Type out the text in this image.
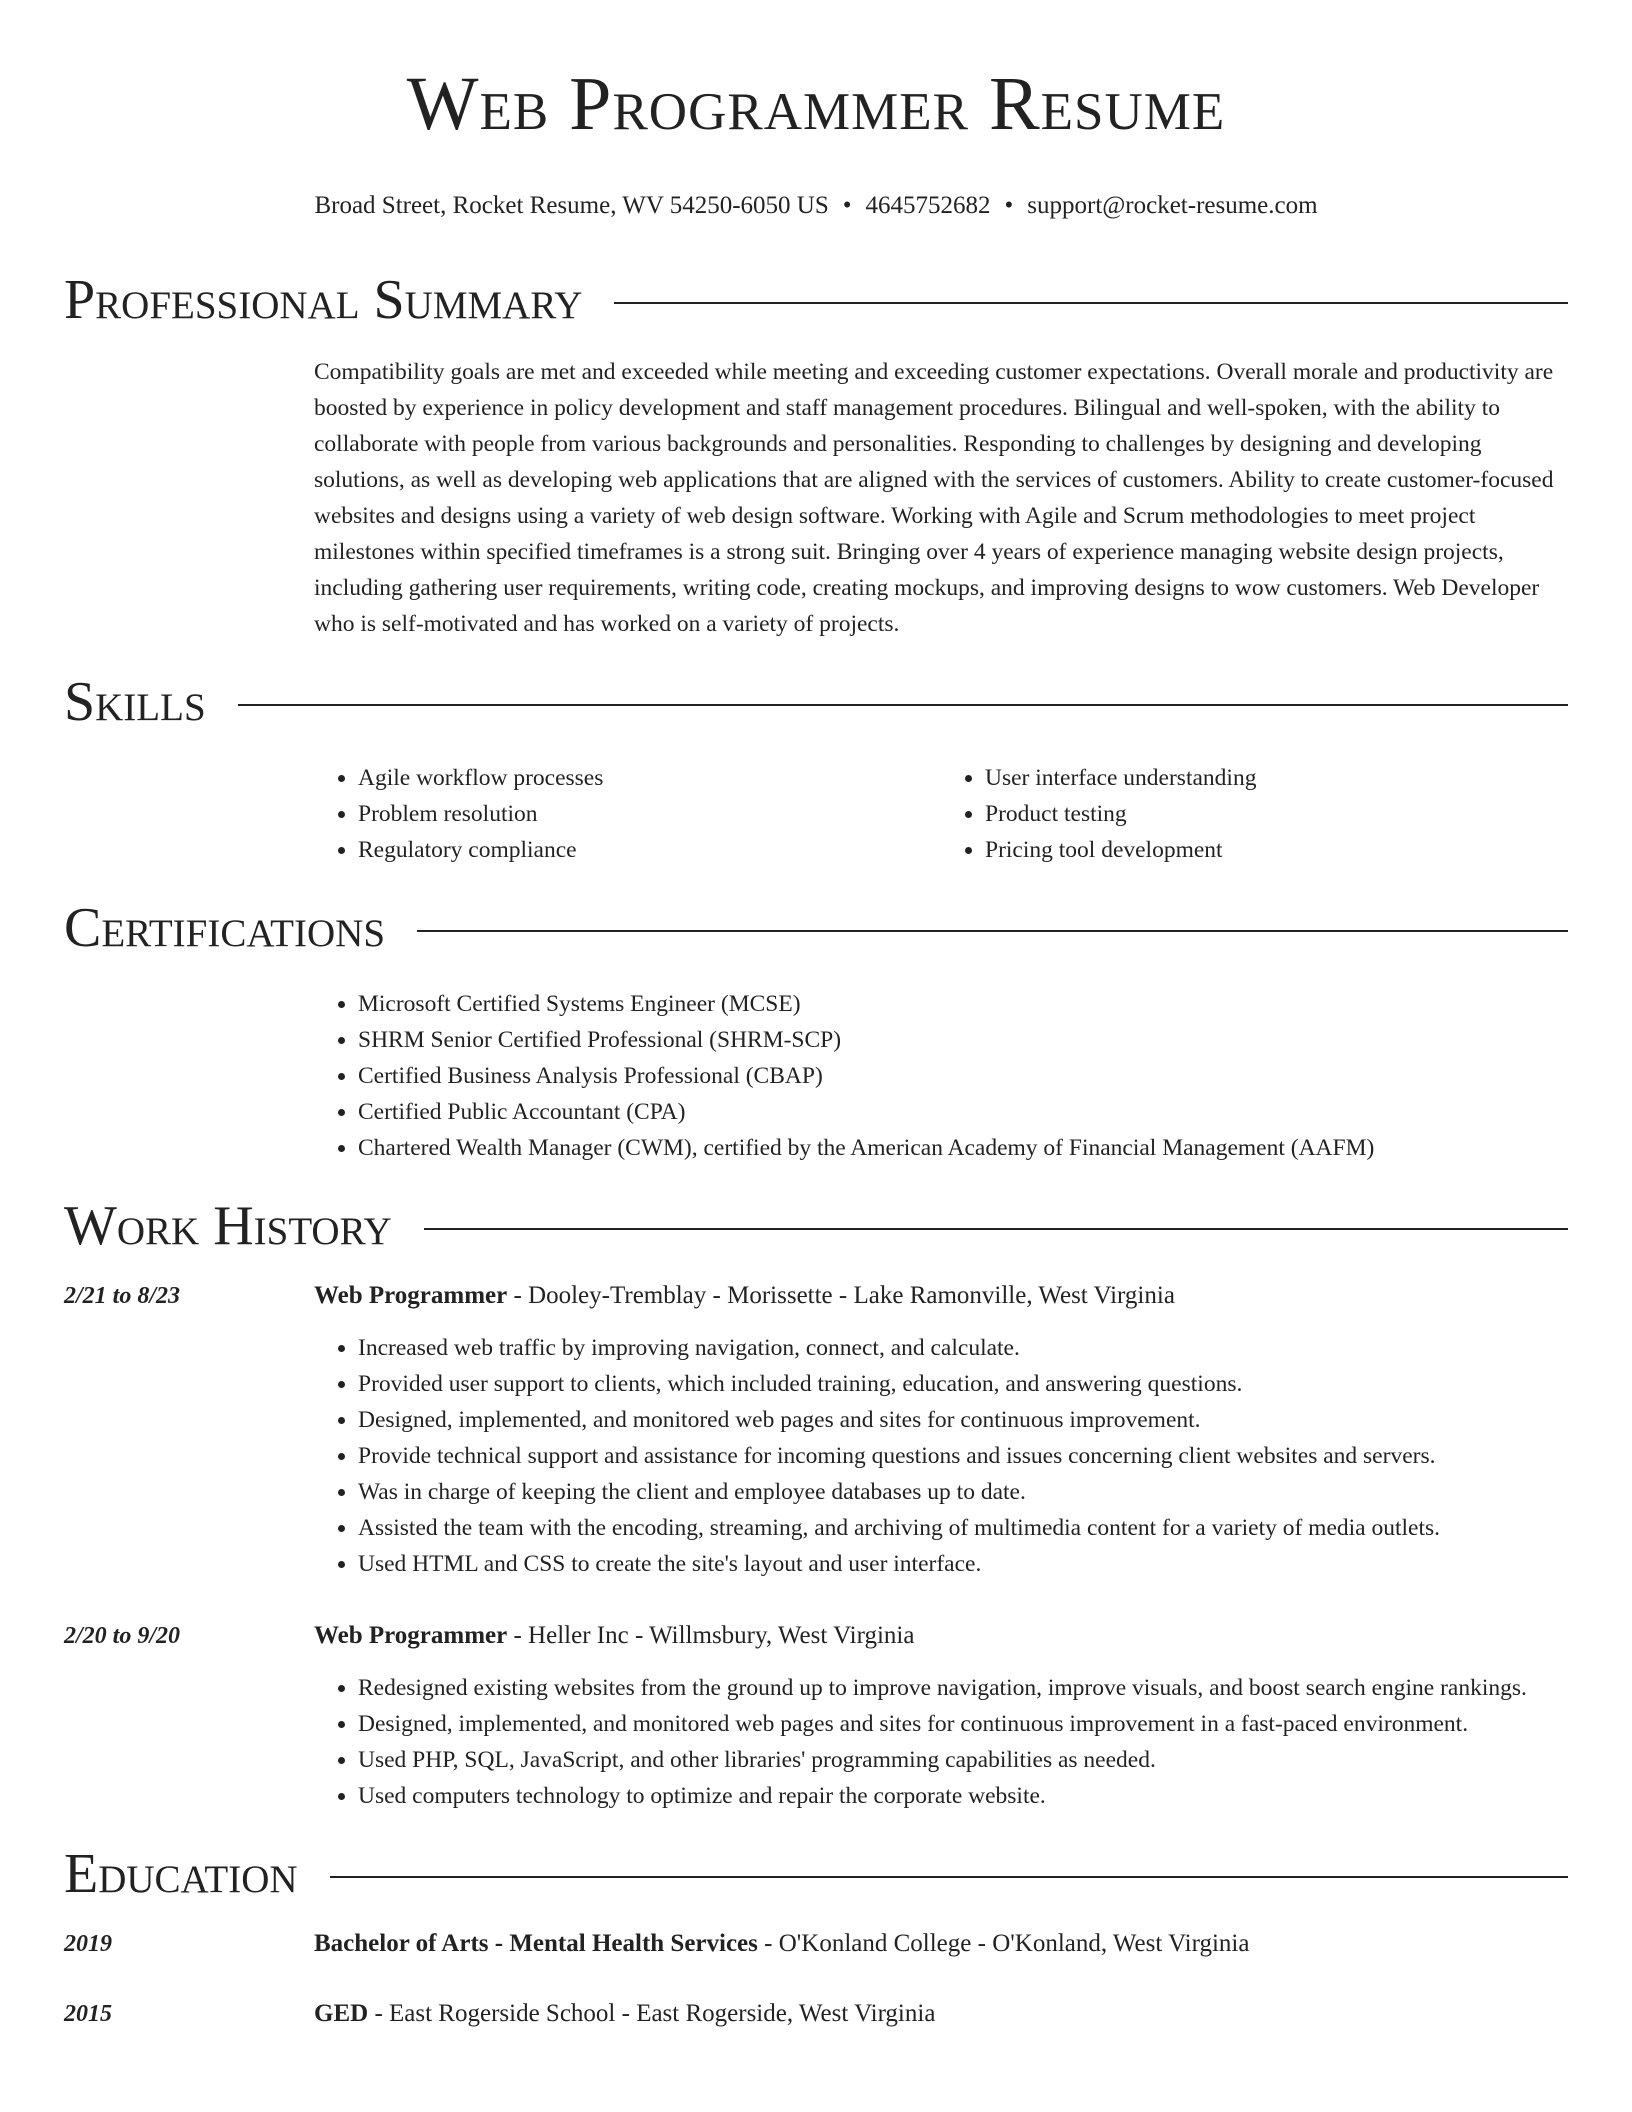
Web Programmer Resume
Broad Street, Rocket Resume, WV 54250-6050 US • 4645752682 • support@rocket-resume.com
Professional Summary

Compatibility goals are met and exceeded while meeting and exceeding customer expectations. Overall morale and productivity are boosted by experience in policy development and staff management procedures. Bilingual and well-spoken, with the ability to collaborate with people from various backgrounds and personalities. Responding to challenges by designing and developing solutions, as well as developing web applications that are aligned with the services of customers. Ability to create customer-focused websites and designs using a variety of web design software. Working with Agile and Scrum methodologies to meet project milestones within specified timeframes is a strong suit. Bringing over 4 years of experience managing website design projects, including gathering user requirements, writing code, creating mockups, and improving designs to wow customers. Web Developer who is self-motivated and has worked on a variety of projects.

Skills
• Agile workflow processes
• Problem resolution
• Regulatory compliance
• User interface understanding
• Product testing
• Pricing tool development
Certifications
• Microsoft Certified Systems Engineer (MCSE)
• SHRM Senior Certified Professional (SHRM-SCP)
• Certified Business Analysis Professional (CBAP)
• Certified Public Accountant (CPA)
• Chartered Wealth Manager (CWM), certified by the American Academy of Financial Management (AAFM)
Work History
2/21 to 8/23	Web Programmer - Dooley-Tremblay - Morissette - Lake Ramonville, West Virginia
• Increased web traffic by improving navigation, connect, and calculate.
• Provided user support to clients, which included training, education, and answering questions.
• Designed, implemented, and monitored web pages and sites for continuous improvement.
• Provide technical support and assistance for incoming questions and issues concerning client websites and servers.
• Was in charge of keeping the client and employee databases up to date.
• Assisted the team with the encoding, streaming, and archiving of multimedia content for a variety of media outlets.
• Used HTML and CSS to create the site's layout and user interface.
2/20 to 9/20	Web Programmer - Heller Inc - Willmsbury, West Virginia
• Redesigned existing websites from the ground up to improve navigation, improve visuals, and boost search engine rankings.
• Designed, implemented, and monitored web pages and sites for continuous improvement in a fast-paced environment.
• Used PHP, SQL, JavaScript, and other libraries' programming capabilities as needed.
• Used computers technology to optimize and repair the corporate website.
Education
2019	Bachelor of Arts - Mental Health Services - O'Konland College - O'Konland, West Virginia
2015	GED - East Rogerside School - East Rogerside, West Virginia
